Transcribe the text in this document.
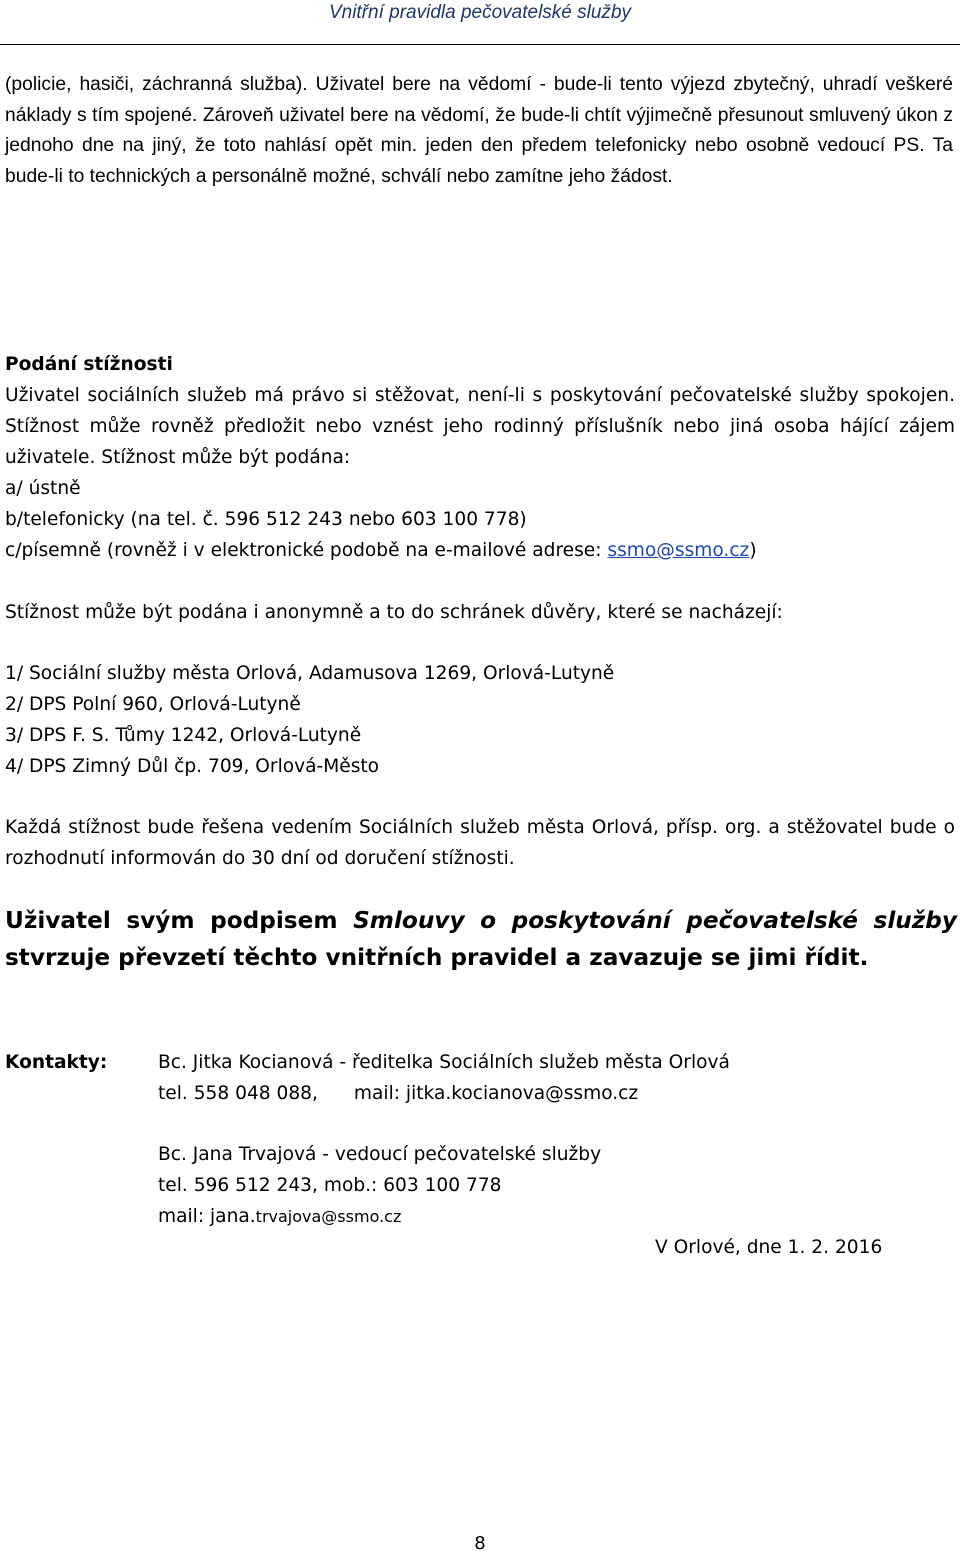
Vnitřní pravidla pečovatelské služby
(policie, hasiči, záchranná služba). Uživatel bere na vědomí - bude-li tento výjezd zbytečný, uhradí veškeré náklady s tím spojené. Zároveň uživatel bere na vědomí, že bude-li chtít výjimečně přesunout smluvený úkon z jednoho dne na jiný, že toto nahlásí opět min. jeden den předem telefonicky nebo osobně vedoucí PS. Ta bude-li to technických a personálně možné, schválí nebo zamítne jeho žádost.
Podání stížnosti
Uživatel sociálních služeb má právo si stěžovat, není-li s poskytování pečovatelské služby spokojen. Stížnost může rovněž předložit nebo vznést jeho rodinný příslušník nebo jiná osoba hájící zájem uživatele. Stížnost může být podána:
a/ ústně
b/telefonicky (na tel. č. 596 512 243 nebo 603 100 778)
c/písemně (rovněž i v elektronické podobě na e-mailové adrese: ssmo@ssmo.cz)
Stížnost může být podána i anonymně a to do schránek důvěry, které se nacházejí:
1/ Sociální služby města Orlová, Adamusova 1269, Orlová-Lutyně
2/ DPS Polní 960, Orlová-Lutyně
3/ DPS F. S. Tůmy 1242, Orlová-Lutyně
4/ DPS Zimný Důl čp. 709, Orlová-Město
Každá stížnost bude řešena vedením Sociálních služeb města Orlová, přísp. org. a stěžovatel bude o rozhodnutí informován do 30 dní od doručení stížnosti.
Uživatel svým podpisem Smlouvy o poskytování pečovatelské služby stvrzuje převzetí těchto vnitřních pravidel a zavazuje se jimi řídit.
Kontakty:	Bc. Jitka Kocianová - ředitelka Sociálních služeb města Orlová
tel. 558 048 088, mail: jitka.kocianova@ssmo.cz
Bc. Jana Trvajová - vedoucí pečovatelské služby
tel. 596 512 243, mob.: 603 100 778
mail: jana.trvajova@ssmo.cz
V Orlové, dne 1. 2. 2016
8
